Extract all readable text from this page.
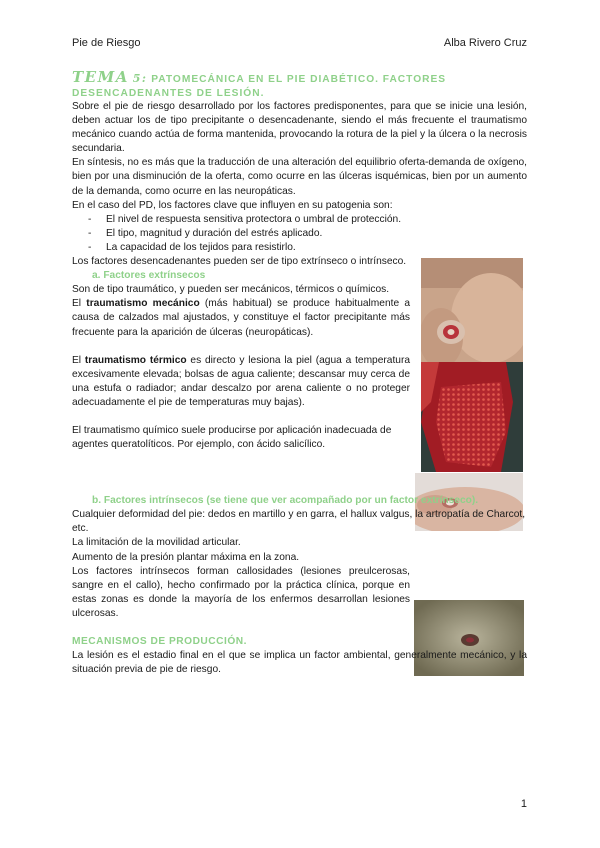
Pie de Riesgo	Alba Rivero Cruz

TEMA 5: PATOMECÁNICA EN EL PIE DIABÉTICO. FACTORES DESENCADENANTES DE LESIÓN.

Sobre el pie de riesgo desarrollado por los factores predisponentes, para que se inicie una lesión, deben actuar los de tipo precipitante o desencadenante, siendo el más frecuente el traumatismo mecánico cuando actúa de forma mantenida, provocando la rotura de la piel y la úlcera o la necrosis secundaria.

En síntesis, no es más que la traducción de una alteración del equilibrio oferta-demanda de oxígeno, bien por una disminución de la oferta, como ocurre en las úlceras isquémicas, bien por un aumento de la demanda, como ocurre en las neuropáticas.

En el caso del PD, los factores clave que influyen en su patogenia son:

- El nivel de respuesta sensitiva protectora o umbral de protección.
- El tipo, magnitud y duración del estrés aplicado.
- La capacidad de los tejidos para resistirlo.

Los factores desencadenantes pueden ser de tipo extrínseco o intrínseco.

a. Factores extrínsecos

Son de tipo traumático, y pueden ser mecánicos, térmicos o químicos.

El traumatismo mecánico (más habitual) se produce habitualmente a causa de calzados mal ajustados, y constituye el factor precipitante más frecuente para la aparición de úlceras (neuropáticas).

El traumatismo térmico es directo y lesiona la piel (agua a temperatura excesivamente elevada; bolsas de agua caliente; descansar muy cerca de una estufa o radiador; andar descalzo por arena caliente o no proteger adecuadamente el pie de temperaturas muy bajas).

El traumatismo químico suele producirse por aplicación inadecuada de agentes queratolíticos. Por ejemplo, con ácido salicílico.

b. Factores intrínsecos (se tiene que ver acompañado por un factor extrínseco).

Cualquier deformidad del pie: dedos en martillo y en garra, el hallux valgus, la artropatía de Charcot, etc.

La limitación de la movilidad articular.

Aumento de la presión plantar máxima en la zona.

Los factores intrínsecos forman callosidades (lesiones preulcerosas, sangre en el callo), hecho confirmado por la práctica clínica, porque en estas zonas es donde la mayoría de los enfermos desarrollan lesiones ulcerosas.

MECANISMOS DE PRODUCCIÓN.

La lesión es el estadio final en el que se implica un factor ambiental, generalmente mecánico, y la situación previa de pie de riesgo.

1
